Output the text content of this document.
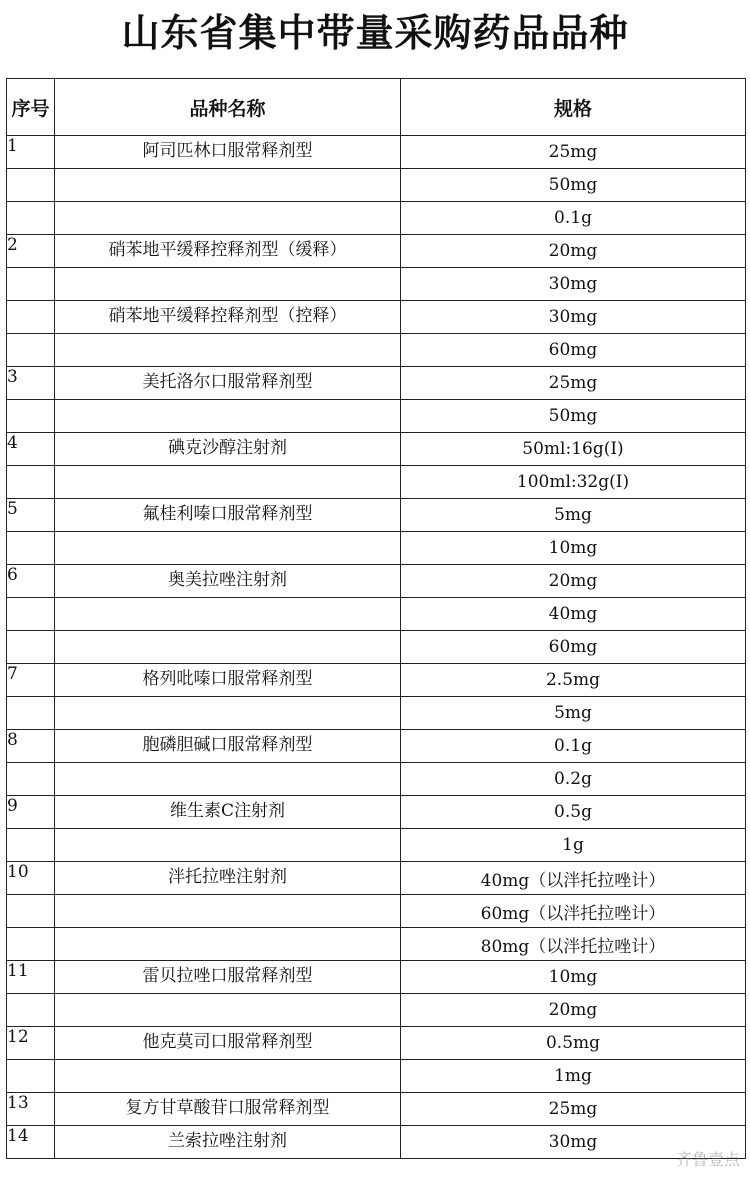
山东省集中带量采购药品品种
序号	品种名称	规格
1	阿司匹林口服常释剂型	25mg
		50mg
		0.1g
2	硝苯地平缓释控释剂型（缓释）	20mg
		30mg
	硝苯地平缓释控释剂型（控释）	30mg
		60mg
3	美托洛尔口服常释剂型	25mg
		50mg
4	碘克沙醇注射剂	50ml:16g(I)
		100ml:32g(I)
5	氟桂利嗪口服常释剂型	5mg
		10mg
6	奥美拉唑注射剂	20mg
		40mg
		60mg
7	格列吡嗪口服常释剂型	2.5mg
		5mg
8	胞磷胆碱口服常释剂型	0.1g
		0.2g
9	维生素C注射剂	0.5g
		1g
10	泮托拉唑注射剂	40mg（以泮托拉唑计）
		60mg（以泮托拉唑计）
		80mg（以泮托拉唑计）
11	雷贝拉唑口服常释剂型	10mg
		20mg
12	他克莫司口服常释剂型	0.5mg
		1mg
13	复方甘草酸苷口服常释剂型	25mg
14	兰索拉唑注射剂	30mg
齐鲁壹点
